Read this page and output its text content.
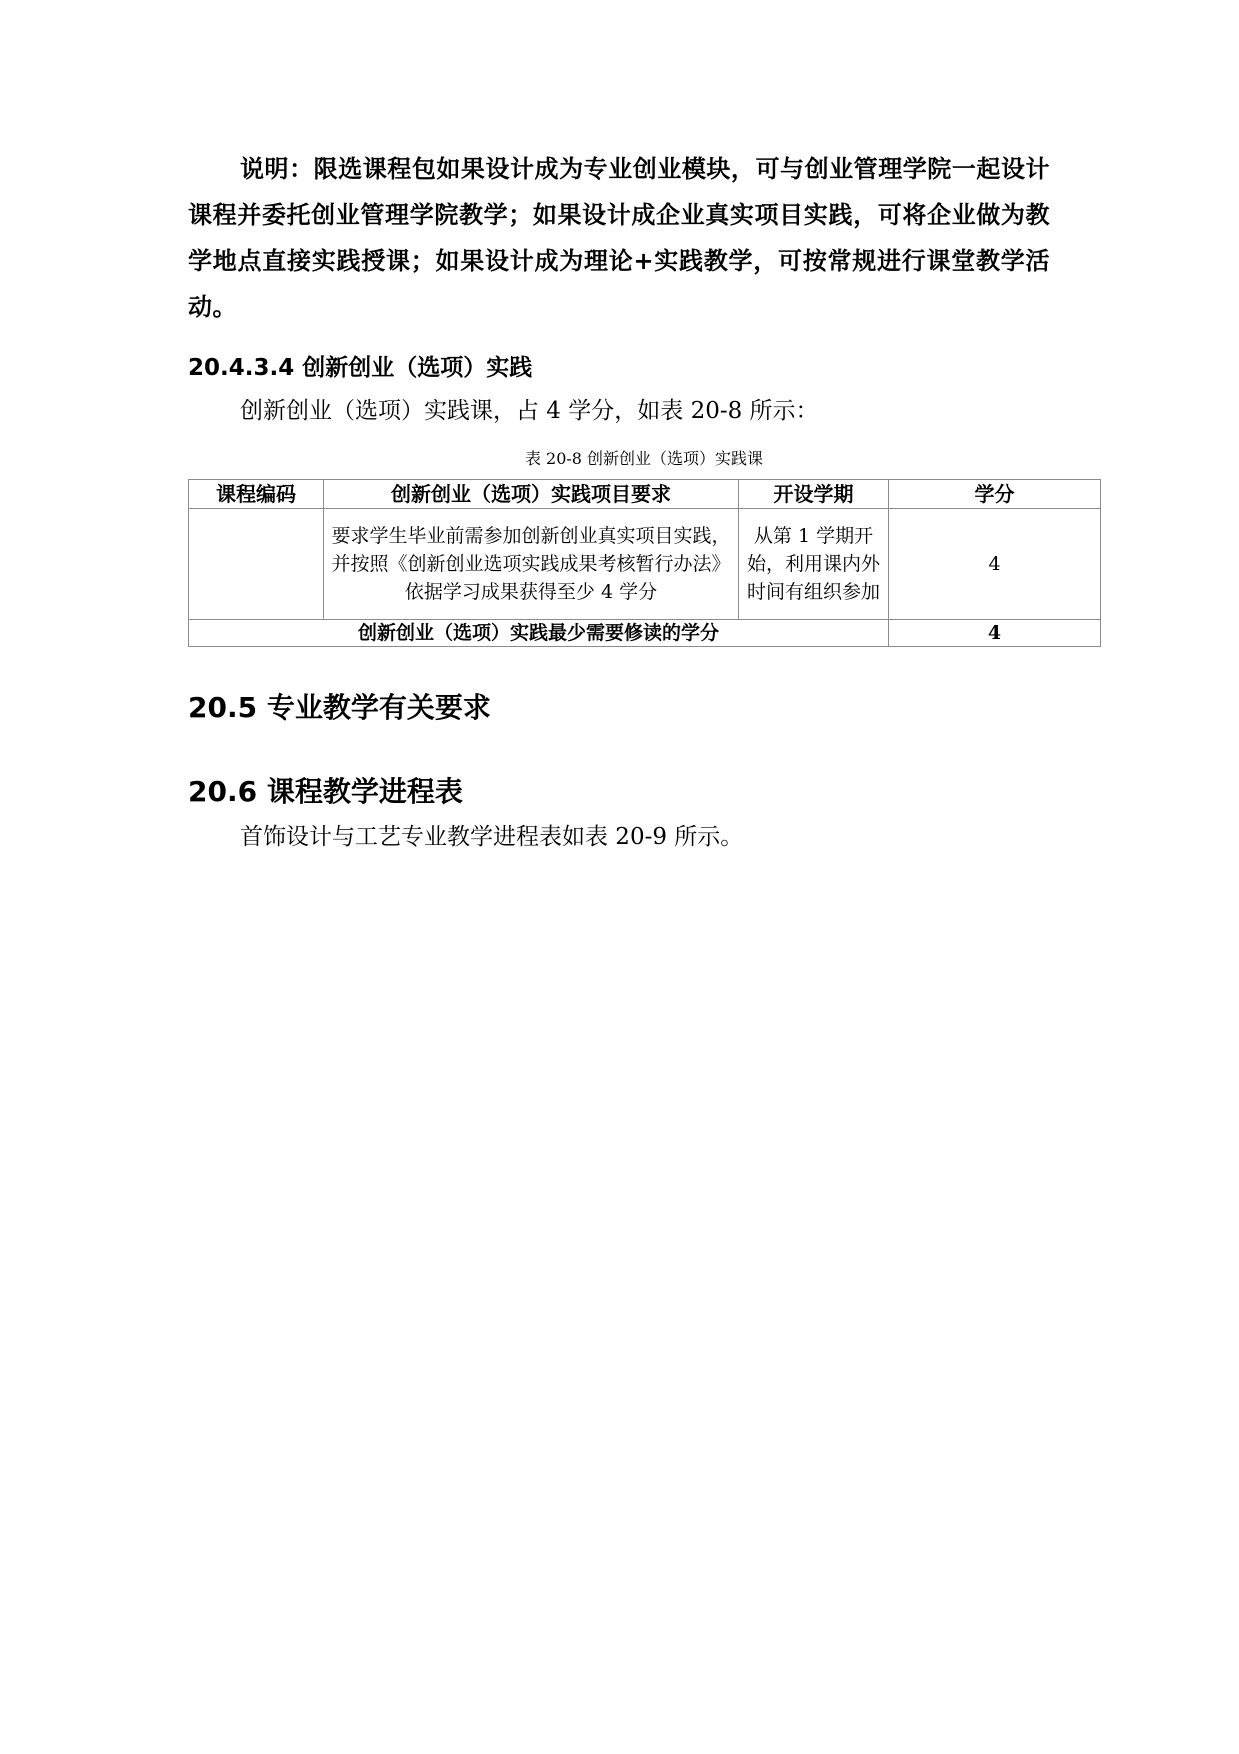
说明：限选课程包如果设计成为专业创业模块，可与创业管理学院一起设计课程并委托创业管理学院教学；如果设计成企业真实项目实践，可将企业做为教学地点直接实践授课；如果设计成为理论+实践教学，可按常规进行课堂教学活动。
20.4.3.4 创新创业（选项）实践
创新创业（选项）实践课，占 4 学分，如表 20-8 所示：
表 20-8 创新创业（选项）实践课
课程编码	创新创业（选项）实践项目要求	开设学期	学分
	要求学生毕业前需参加创新创业真实项目实践，并按照《创新创业选项实践成果考核暂行办法》依据学习成果获得至少 4 学分	从第 1 学期开始，利用课内外时间有组织参加	4
创新创业（选项）实践最少需要修读的学分			4
20.5 专业教学有关要求
20.6 课程教学进程表
首饰设计与工艺专业教学进程表如表 20-9 所示。
